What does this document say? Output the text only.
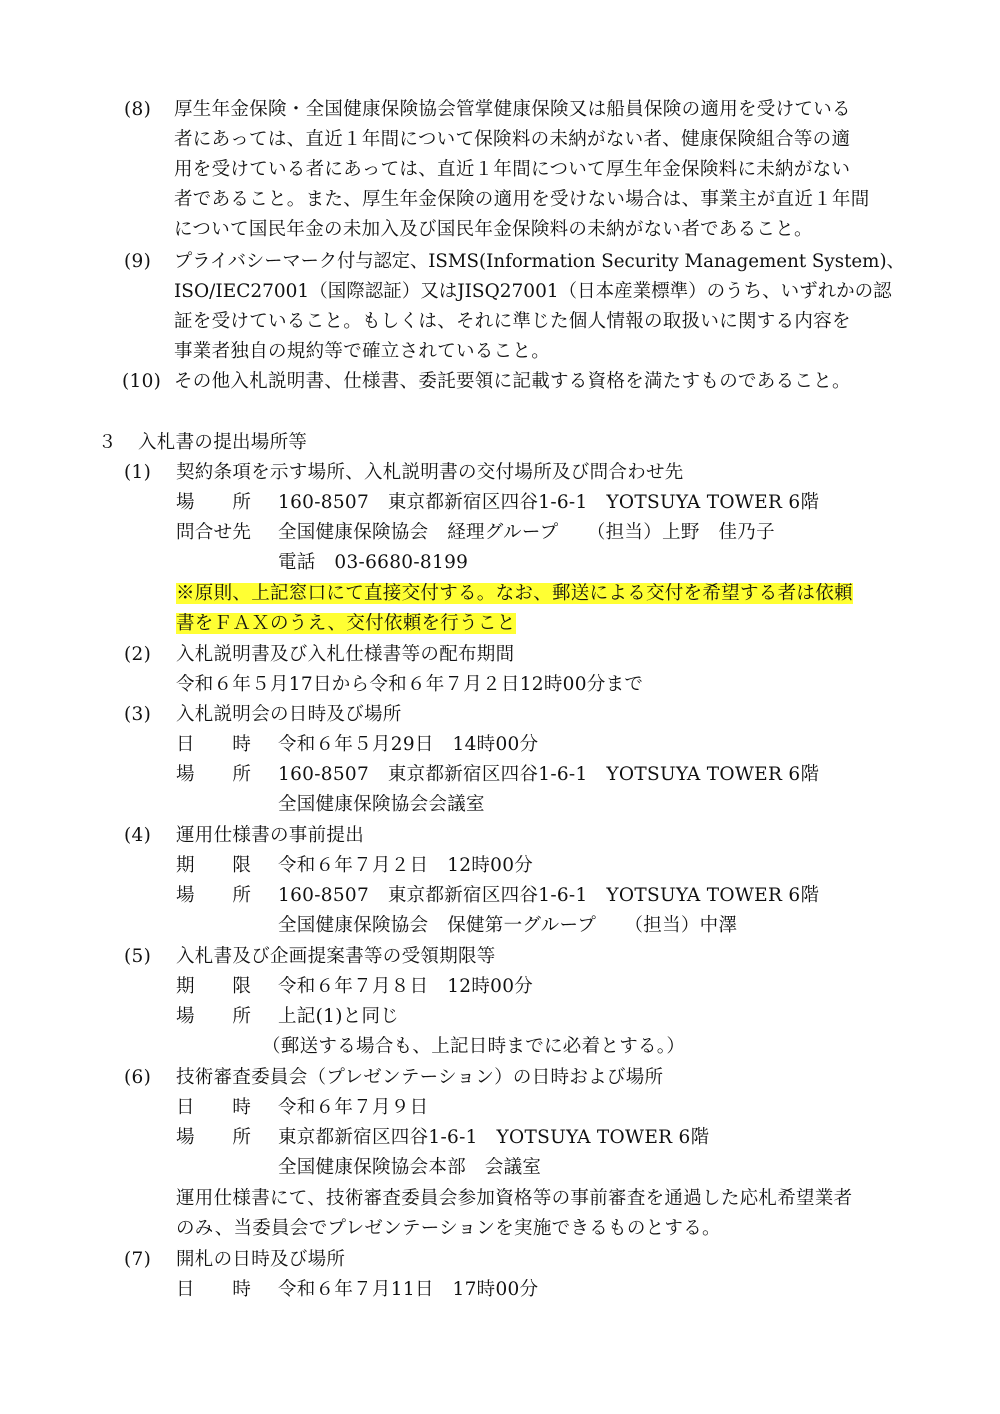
(8) 厚生年金保険・全国健康保険協会管掌健康保険又は船員保険の適用を受けている
者にあっては、直近１年間について保険料の未納がない者、健康保険組合等の適
用を受けている者にあっては、直近１年間について厚生年金保険料に未納がない
者であること。また、厚生年金保険の適用を受けない場合は、事業主が直近１年間
について国民年金の未加入及び国民年金保険料の未納がない者であること。
(9) プライバシーマーク付与認定、ISMS(Information Security Management System)、
ISO/IEC27001（国際認証）又はJISQ27001（日本産業標準）のうち、いずれかの認
証を受けていること。もしくは、それに準じた個人情報の取扱いに関する内容を
事業者独自の規約等で確立されていること。
(10) その他入札説明書、仕様書、委託要領に記載する資格を満たすものであること。
３ 入札書の提出場所等
(1) 契約条項を示す場所、入札説明書の交付場所及び問合わせ先
場　　所 160-8507　東京都新宿区四谷1-6-1　YOTSUYA TOWER 6階
問合せ先 全国健康保険協会　経理グループ　　（担当）上野　佳乃子
電話　03-6680-8199
※原則、上記窓口にて直接交付する。なお、郵送による交付を希望する者は依頼
書をＦＡＸのうえ、交付依頼を行うこと
(2) 入札説明書及び入札仕様書等の配布期間
令和６年５月17日から令和６年７月２日12時00分まで
(3) 入札説明会の日時及び場所
日　　時 令和６年５月29日　14時00分
場　　所 160-8507　東京都新宿区四谷1-6-1　YOTSUYA TOWER 6階
全国健康保険協会会議室
(4) 運用仕様書の事前提出
期　　限 令和６年７月２日　12時00分
場　　所 160-8507　東京都新宿区四谷1-6-1　YOTSUYA TOWER 6階
全国健康保険協会　保健第一グループ　　（担当）中澤
(5) 入札書及び企画提案書等の受領期限等
期　　限 令和６年７月８日　12時00分
場　　所 上記(1)と同じ
（郵送する場合も、上記日時までに必着とする。）
(6) 技術審査委員会（プレゼンテーション）の日時および場所
日　　時 令和６年７月９日
場　　所 東京都新宿区四谷1-6-1　YOTSUYA TOWER 6階
全国健康保険協会本部　会議室
運用仕様書にて、技術審査委員会参加資格等の事前審査を通過した応札希望業者
のみ、当委員会でプレゼンテーションを実施できるものとする。
(7) 開札の日時及び場所
日　　時 令和６年７月11日　17時00分
